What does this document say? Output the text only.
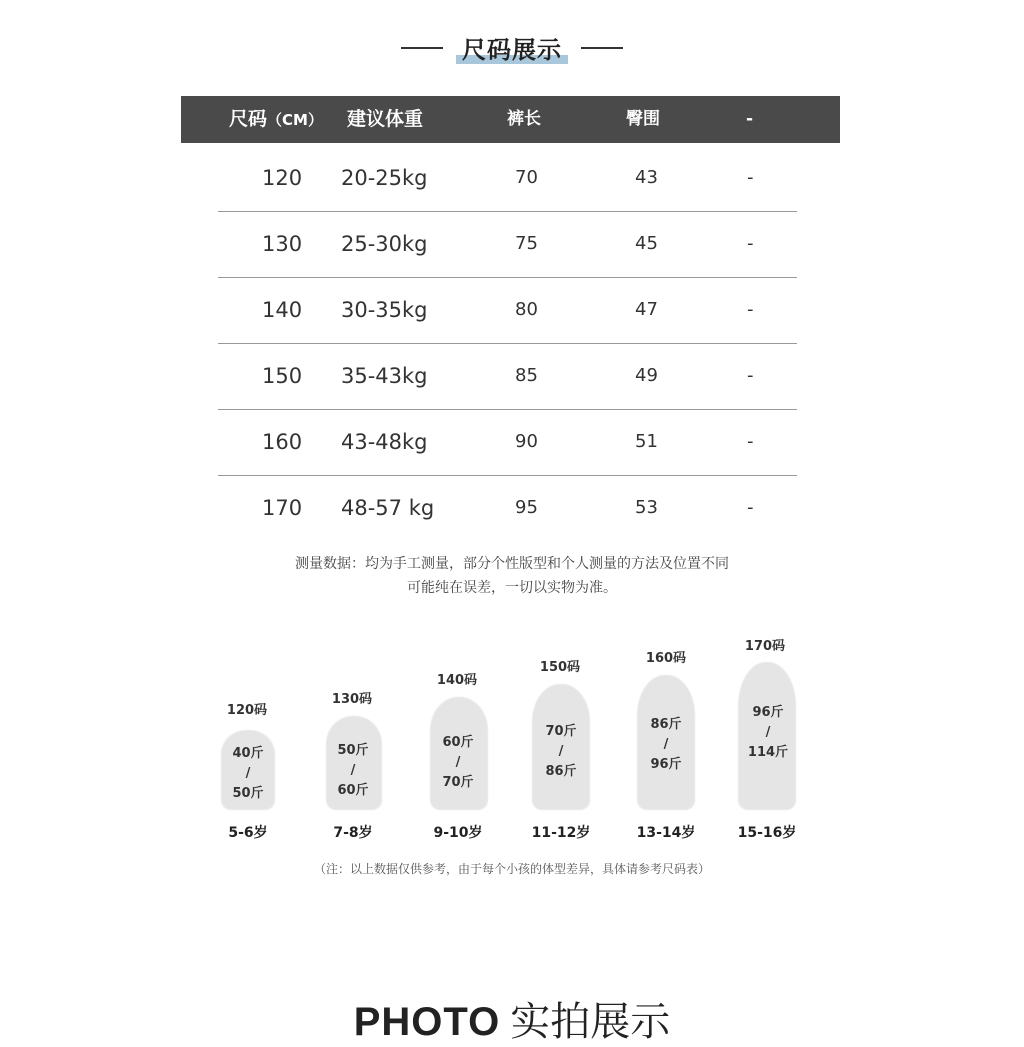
尺码展示
尺码（CM） 建议体重	裤长	臀围	-
120 20-25kg	70	43	-
130 25-30kg	75	45	-
140 30-35kg	80	47	-
150 35-43kg	85	49	-
160 43-48kg	90	51	-
170 48-57 kg	95	53	-
测量数据：均为手工测量，部分个性版型和个人测量的方法及位置不同
可能纯在误差，一切以实物为准。
120码
40斤
/
50斤
5-6岁
130码
50斤
/
60斤
7-8岁
140码
60斤
/
70斤
9-10岁
150码
70斤
/
86斤
11-12岁
160码
86斤
/
96斤
13-14岁
170码
96斤
/
114斤
15-16岁
（注：以上数据仅供参考，由于每个小孩的体型差异，具体请参考尺码表）
PHOTO 实拍展示
